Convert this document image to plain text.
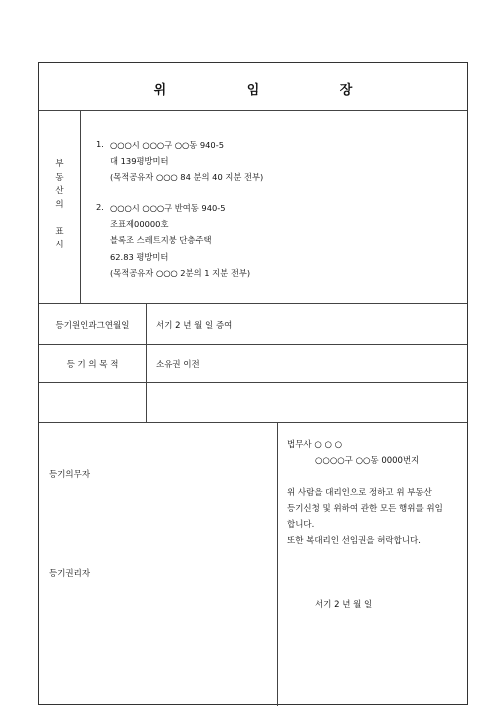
위 임 장
부
동
산
의
표
시
1. ○○○시 ○○○구 ○○동 940-5
대 139평방미터
(목적공유자 ○○○ 84 분의 40 지분 전부)
2. ○○○시 ○○○구 반여동 940-5
조표제00000호
블록조 스레트지붕 단층주택
62.83 평방미터
(목적공유자 ○○○ 2분의 1 지분 전부)
등기원인과그연월일	서기 2 년 월 일 증여
등 기 의 목 적	소유권 이전
등기의무자
등기권리자
법무사 ○ ○ ○
○○○○구 ○○동 0000번지
위 사람을 대리인으로 정하고 위 부동산
등기신청 및 위하여 관한 모든 행위를 위임
합니다.
또한 복대리인 선임권을 허락합니다.
서기 2 년 월 일
